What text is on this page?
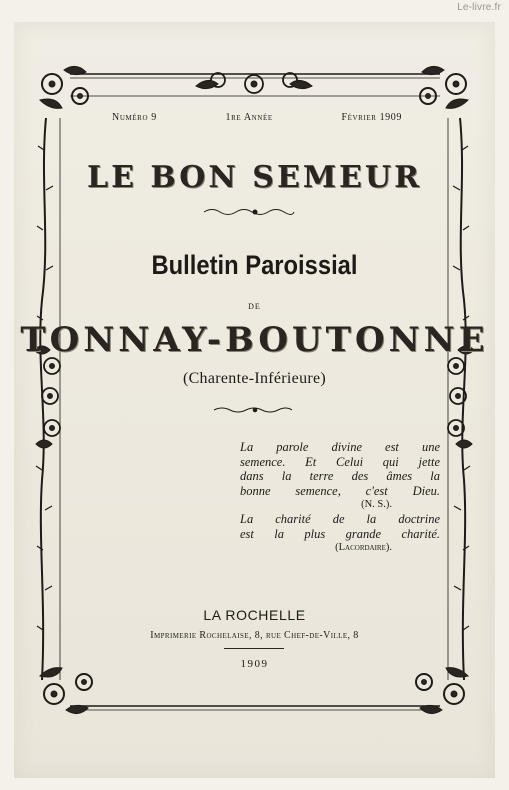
Le-livre.fr
Numéro 9	1re Année	Février 1909
LE BON SEMEUR
Bulletin Paroissial
DE
TONNAY-BOUTONNE
(Charente-Inférieure)
La parole divine est une
semence. Et Celui qui jette
dans la terre des âmes la
bonne semence, c'est Dieu.
(N. S.).
La charité de la doctrine
est la plus grande charité.
(Lacordaire).
LA ROCHELLE
Imprimerie Rochelaise, 8, rue Chef-de-Ville, 8
1909
